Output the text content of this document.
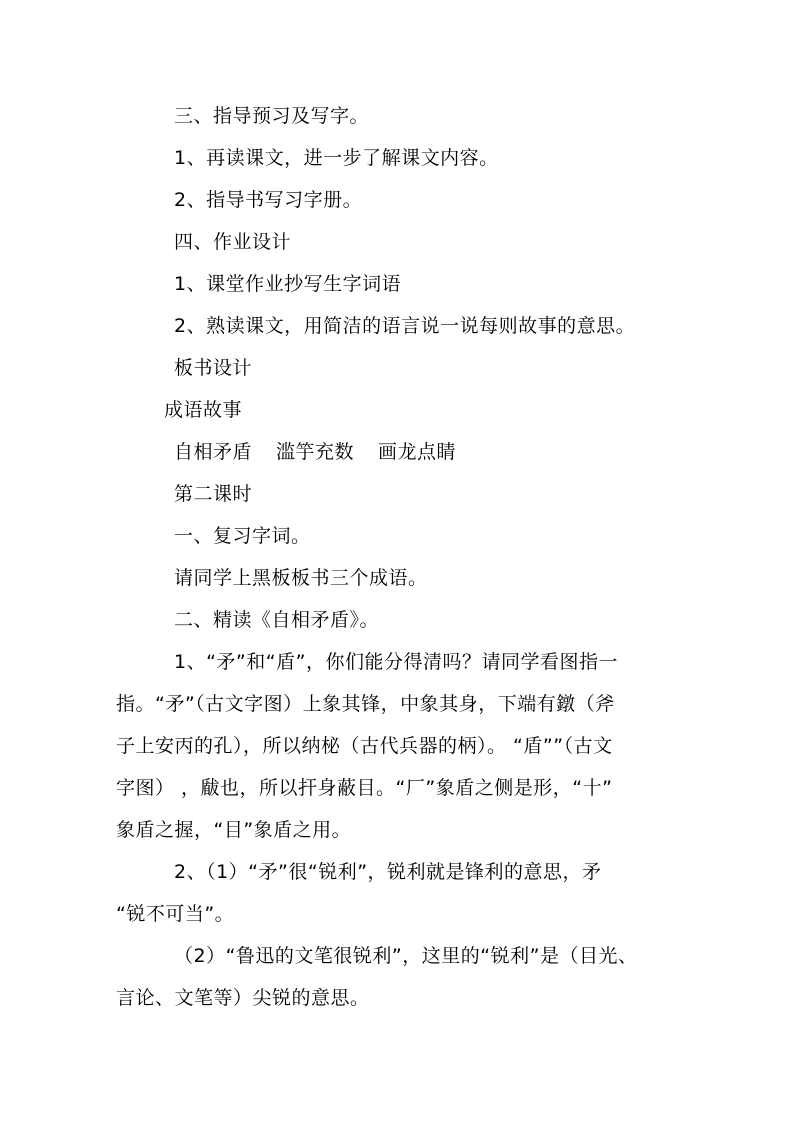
三、指导预习及写字。
1、再读课文，进一步了解课文内容。
2、指导书写习字册。
四、作业设计
1、课堂作业抄写生字词语
2、熟读课文，用简洁的语言说一说每则故事的意思。
板书设计
成语故事
自相矛盾 滥竽充数 画龙点睛
第二课时
一、复习字词。
请同学上黑板板书三个成语。
二、精读《自相矛盾》。
1、“矛”和“盾”，你们能分得清吗？请同学看图指一
指。“矛”（古文字图）上象其锋，中象其身，下端有鐓（斧
子上安丙的孔），所以纳柲（古代兵器的柄）。 “盾””（古文
字图） ，瞂也，所以扞身蔽目。“厂”象盾之侧是形，“十”
象盾之握，“目”象盾之用。
2、（1）“矛”很“锐利”，锐利就是锋利的意思，矛
“锐不可当”。
（2）“鲁迅的文笔很锐利”，这里的“锐利”是（目光、
言论、文笔等）尖锐的意思。
